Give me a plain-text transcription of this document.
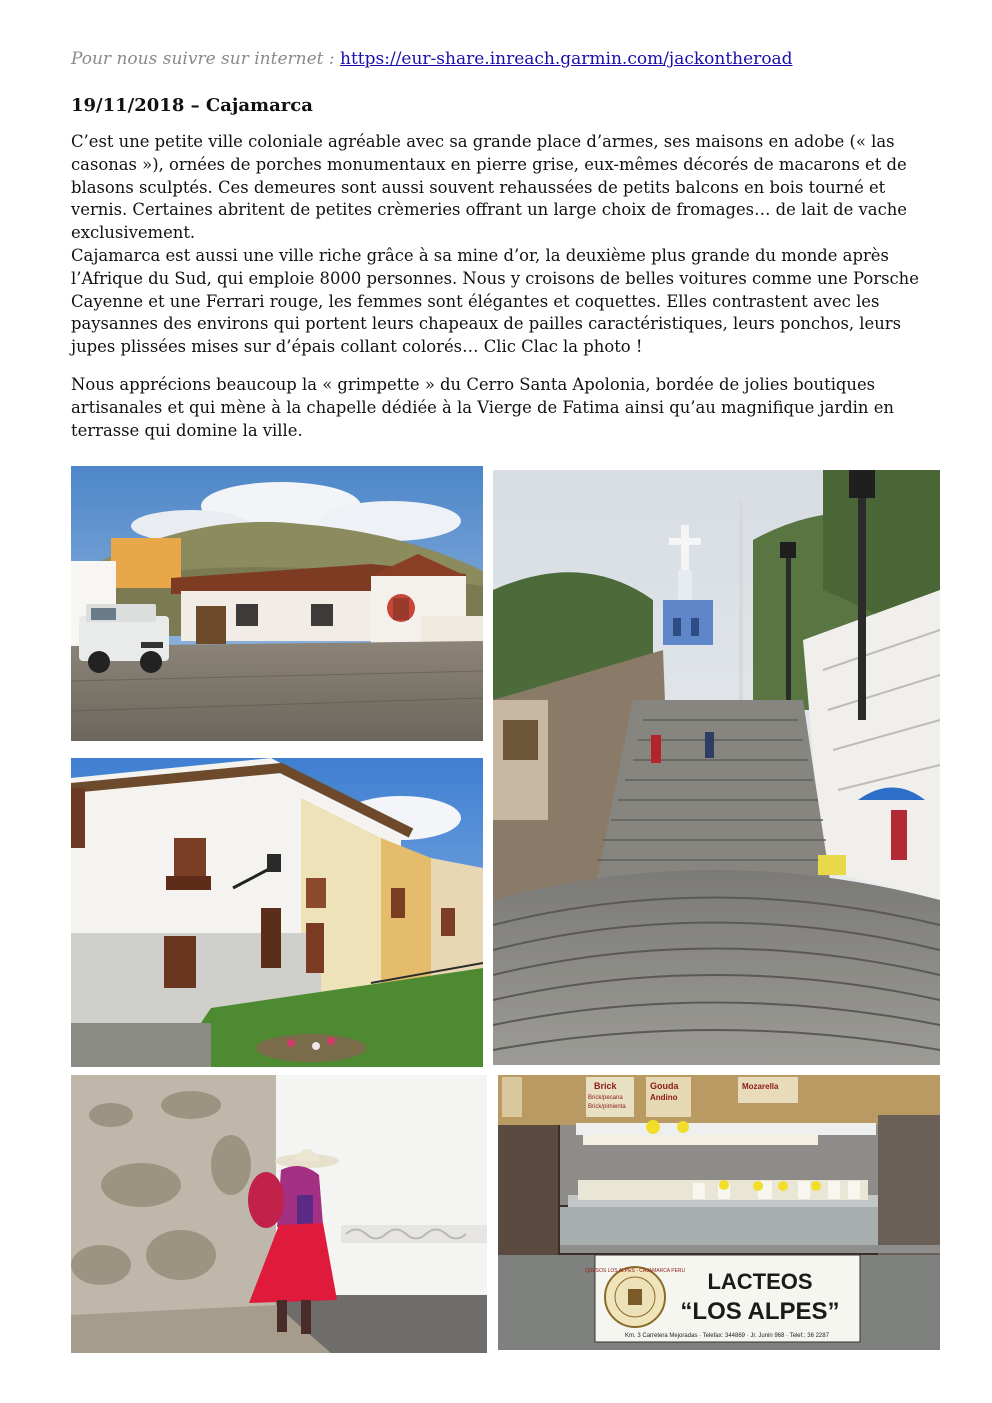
Pour nous suivre sur internet : https://eur-share.inreach.garmin.com/jackontheroad
19/11/2018 – Cajamarca
C’est une petite ville coloniale agréable avec sa grande place d’armes, ses maisons en adobe (« las casonas »), ornées de porches monumentaux en pierre grise, eux-mêmes décorés de macarons et de blasons sculptés. Ces demeures sont aussi souvent rehaussées de petits balcons en bois tourné et vernis. Certaines abritent de petites crèmeries offrant un large choix de fromages… de lait de vache exclusivement.
Cajamarca est aussi une ville riche grâce à sa mine d’or, la deuxième plus grande du monde après l’Afrique du Sud, qui emploie 8000 personnes. Nous y croisons de belles voitures comme une Porsche Cayenne et une Ferrari rouge, les femmes sont élégantes et coquettes. Elles contrastent avec les paysannes des environs qui portent leurs chapeaux de pailles caractéristiques, leurs ponchos, leurs jupes plissées mises sur d’épais collant colorés… Clic Clac la photo !

Nous apprécions beaucoup la « grimpette » du Cerro Santa Apolonia, bordée de jolies boutiques artisanales et qui mène à la chapelle dédiée à la Vierge de Fatima ainsi qu’au magnifique jardin en terrasse qui domine la ville.

Brick
Brick/pecana
Brick/pimienta
Gouda
Andino
Mozarella
QUESOS LOS ALPES · CAJAMARCA PERU LACTEOS
“LOS ALPES”
Km. 3 Carretera Mejoradas · Telefax: 344869 · Jr. Junin 968 · Telef.: 36 2287
